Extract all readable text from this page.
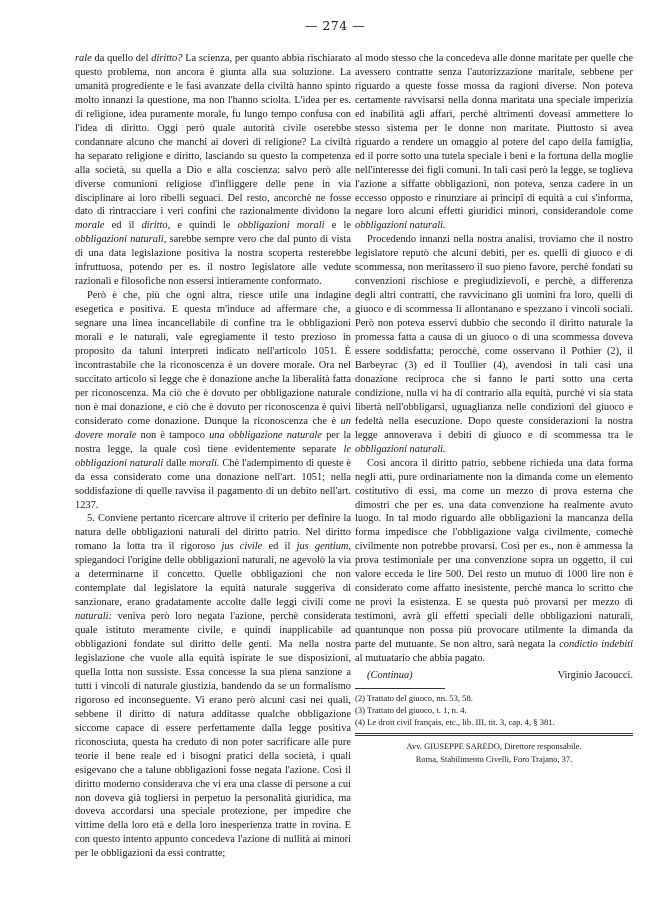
— 274 —

rale da quello del diritto? La scienza, per quanto abbia rischiarato questo problema, non ancora è giunta alla sua soluzione. La umanità progrediente e le fasi avanzate della civiltà hanno spinto molto innanzi la questione, ma non l'hanno sciolta. L'idea per es. di religione, idea puramente morale, fu lungo tempo confusa con l'idea di diritto. Oggi però quale autorità civile oserebbe condannare alcuno che manchi ai doveri di religione? La civiltà ha separato religione e diritto, lasciando su questo la competenza alla società, su quella a Dio e alla coscienza: salvo però alle diverse comunioni religiose d'infliggere delle pene in via disciplinare ai loro ribelli seguaci. Del resto, ancorchè ne fosse dato di rintracciare i veri confini che razionalmente dividono la morale ed il diritto, e quindi le obbligazioni morali e le obbligazioni naturali, sarebbe sempre vero che dal punto di vista di una data legislazione positiva la nostra scoperta resterebbe infruttuosa, potendo per es. il nostro legislatore alle vedute razionali e filosofiche non essersi intieramente conformato.

Però è che, più che ogni altra, riesce utile una indagine esegetica e positiva. E questa m'induce ad affermare che, a segnare una linea incancellabile di confine tra le obbligazioni morali e le naturali, vale egregiamente il testo prezioso in proposito da taluni interpreti indicato nell'articolo 1051. È incontrastabile che la riconoscenza è un dovere morale. Ora nel succitato articolo si legge che è donazione anche la liberalità fatta per riconoscenza. Ma ciò che è dovuto per obbligazione naturale non è mai donazione, e ciò che è dovuto per riconoscenza è quivi considerato come donazione. Dunque la riconoscenza che è un dovere morale non è tampoco una obbligazione naturale per la nostra legge, la quale così tiene evidentemente separate le obbligazioni naturali dalle morali. Chè l'adempimento di queste è da essa considerato come una donazione nell'art. 1051; nella soddisfazione di quelle ravvisa il pagamento di un debito nell'art. 1237.

5. Conviene pertanto ricercare altrove il criterio per definire la natura delle obbligazioni naturali del diritto patrio. Nel diritto romano la lotta tra il rigoroso jus civile ed il jus gentium, spiegandoci l'origine delle obbligazioni naturali, ne agevolò la via a determinarne il concetto. Quelle obbligazioni che non contemplate dal legislatore la equità naturale suggeriva di sanzionare, erano gradatamente accolte dalle leggi civili come naturali: veniva però loro negata l'azione, perchè considerata quale istituto meramente civile, e quindi inapplicabile ad obbligazioni fondate sul diritto delle genti. Ma nella nostra legislazione che vuole alla equità ispirate le sue disposizioni, quella lotta non sussiste. Essa concesse la sua piena sanzione a tutti i vincoli di naturale giustizia, bandendo da se un formalismo rigoroso ed inconseguente. Vi erano però alcuni casi nei quali, sebbene il diritto di natura additasse qualche obbligazione siccome capace di essere perfettamente dalla legge positiva riconosciuta, questa ha creduto di non poter sacrificare alle pure teorie il bene reale ed i bisogni pratici della società, i quali esigevano che a talune obbligazioni fosse negata l'azione. Così il diritto moderno considerava che vi era una classe di persone a cui non doveva già togliersi in perpetuo la personalità giuridica, ma dovevа accordarsi una speciale protezione, per impedire che vittime della loro età e della loro inesperienza tratte in rovina. E con questo intento appunto concedeva l'azione di nullità ai minori per le obbligazioni da essi contratte;

al modo stesso che la concedeva alle donne maritate per quelle che avessero contratte senza l'autorizzazione maritale, sebbene per riguardo a queste fosse mossa da ragioni diverse. Non poteva certamente ravvisarsi nella donna maritata una speciale imperizia ed inabilità agli affari, perchè altrimenti doveasi ammettere lo stesso sistema per le donne non maritate. Piuttosto si avea riguardo a rendere un omaggio al potere del capo della famiglia, ed il porre sotto una tutela speciale i beni e la fortuna della moglie nell'interesse dei figli comuni. In tali casi però la legge, se toglieva l'azione a siffatte obbligazioni, non poteva, senza cadere in un eccesso opposto e rinunziare ai principî di equità a cui s'informa, negare loro alcuni effetti giuridici minori, considerandole come obbligazioni naturali.

Procedendo innanzi nella nostra analisi, troviamo che il nostro legislatore reputò che alcuni debiti, per es. quelli di giuoco e di scommessa, non meritassero il suo pieno favore, perchè fondati su convenzioni rischiose e pregiudizievoli, e perchè, a differenza degli altri contratti, che ravvicinano gli uomini fra loro, quelli di giuoco e di scommessa li allontanano e spezzano i vincoli sociali. Però non poteva esservi dubbio che secondo il diritto naturale la promessa fatta a causa di un giuoco o di una scommessa doveva essere soddisfatta; perocchè, come osservano il Pothier (2), il Barbeyrac (3) ed il Toullier (4), avendosi in tali casi una donazione reciproca che si fanno le parti sotto una certa condizione, nulla vi ha di contrario alla equità, purchè vi sia stata libertà nell'obbligarsi, uguaglianza nelle condizioni del giuoco e fedeltà nella esecuzione. Dopo queste considerazioni la nostra legge annoverava i debiti di giuoco e di scommessa tra le obbligazioni naturali.

Così ancora il diritto patrio, sebbene richieda una data forma negli atti, pure ordinariamente non la dimanda come un elemento costitutivo di essi, ma come un mezzo di prova esterna che dimostri che per es. una data convenzione ha realmente avuto luogo. In tal modo riguardo alle obbligazioni la mancanza della forma impedisce che l'obbligazione valga civilmente, comechè civilmente non potrebbe provarsi. Così per es., non è ammessa la prova testimoniale per una convenzione sopra un oggetto, il cui valore ecceda le lire 500. Del resto un mutuo di 1000 lire non è considerato come affatto inesistente, perchè manca lo scritto che ne provi la esistenza. E se questa può provarsi per mezzo di testimoni, avrà gli effetti speciali delle obbligazioni naturali, quantunque non possa più provocare utilmente la dimanda da parte del mutuante. Se non altro, sarà negata la condictio indebiti al mutuatario che abbia pagato.

(Continua)	Virginio Jacoucci.
(2) Trattato del giuoco, nn. 53, 58.
(3) Trattato del giuoco, t. 1, n. 4.
(4) Le droit civil français, etc., lib. III, tit. 3, cap. 4, § 381.
Avv. GIUSEPPE SAREDO, Direttore responsabile.
Roma, Stabilimento Civelli, Foro Trajano, 37.
